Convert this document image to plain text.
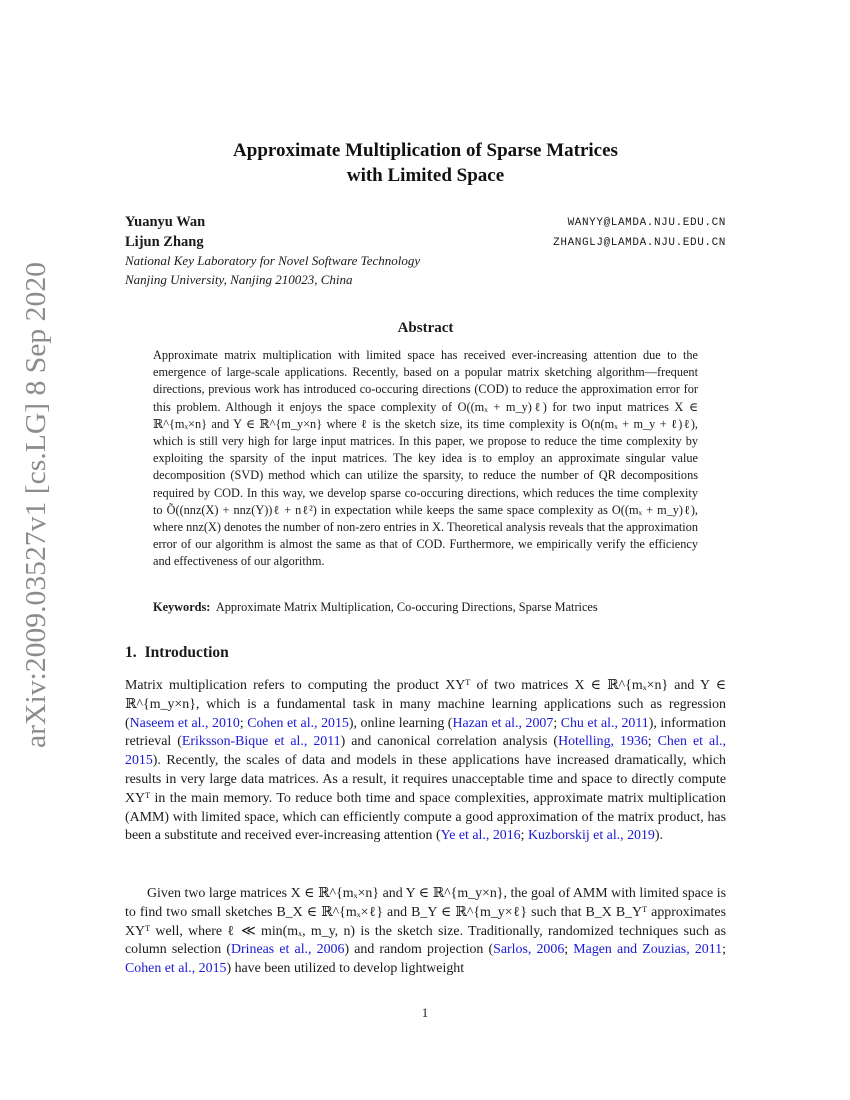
arXiv:2009.03527v1 [cs.LG] 8 Sep 2020
Approximate Multiplication of Sparse Matrices
with Limited Space
Yuanyu Wan	WANYY@LAMDA.NJU.EDU.CN
Lijun Zhang	ZHANGLJ@LAMDA.NJU.EDU.CN
National Key Laboratory for Novel Software Technology
Nanjing University, Nanjing 210023, China
Abstract
Approximate matrix multiplication with limited space has received ever-increasing attention due to the emergence of large-scale applications. Recently, based on a popular matrix sketching algorithm—frequent directions, previous work has introduced co-occuring directions (COD) to reduce the approximation error for this problem. Although it enjoys the space complexity of O((mₓ + m_y)ℓ) for two input matrices X ∈ ℝ^{mₓ×n} and Y ∈ ℝ^{m_y×n} where ℓ is the sketch size, its time complexity is O(n(mₓ + m_y + ℓ)ℓ), which is still very high for large input matrices. In this paper, we propose to reduce the time complexity by exploiting the sparsity of the input matrices. The key idea is to employ an approximate singular value decomposition (SVD) method which can utilize the sparsity, to reduce the number of QR decompositions required by COD. In this way, we develop sparse co-occuring directions, which reduces the time complexity to Õ((nnz(X) + nnz(Y))ℓ + nℓ²) in expectation while keeps the same space complexity as O((mₓ + m_y)ℓ), where nnz(X) denotes the number of non-zero entries in X. Theoretical analysis reveals that the approximation error of our algorithm is almost the same as that of COD. Furthermore, we empirically verify the efficiency and effectiveness of our algorithm.
Keywords: Approximate Matrix Multiplication, Co-occuring Directions, Sparse Matrices
1. Introduction

Matrix multiplication refers to computing the product XYᵀ of two matrices X ∈ ℝ^{mₓ×n} and Y ∈ ℝ^{m_y×n}, which is a fundamental task in many machine learning applications such as regression (Naseem et al., 2010; Cohen et al., 2015), online learning (Hazan et al., 2007; Chu et al., 2011), information retrieval (Eriksson-Bique et al., 2011) and canonical correlation analysis (Hotelling, 1936; Chen et al., 2015). Recently, the scales of data and models in these applications have increased dramatically, which results in very large data matrices. As a result, it requires unacceptable time and space to directly compute XYᵀ in the main memory. To reduce both time and space complexities, approximate matrix multiplication (AMM) with limited space, which can efficiently compute a good approximation of the matrix product, has been a substitute and received ever-increasing attention (Ye et al., 2016; Kuzborskij et al., 2019).

Given two large matrices X ∈ ℝ^{mₓ×n} and Y ∈ ℝ^{m_y×n}, the goal of AMM with limited space is to find two small sketches B_X ∈ ℝ^{mₓ×ℓ} and B_Y ∈ ℝ^{m_y×ℓ} such that B_X B_Yᵀ approximates XYᵀ well, where ℓ ≪ min(mₓ, m_y, n) is the sketch size. Traditionally, randomized techniques such as column selection (Drineas et al., 2006) and random projection (Sarlos, 2006; Magen and Zouzias, 2011; Cohen et al., 2015) have been utilized to develop lightweight

1
